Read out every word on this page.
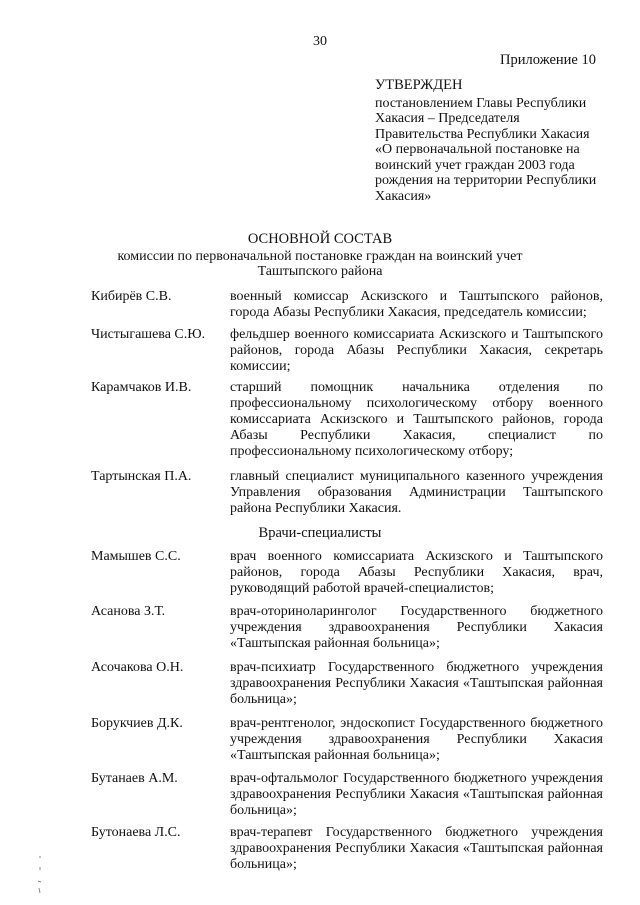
30
Приложение 10
УТВЕРЖДЕН
постановлением Главы Республики
Хакасия – Председателя
Правительства Республики Хакасия
«О первоначальной постановке на
воинский учет граждан 2003 года
рождения на территории Республики
Хакасия»
ОСНОВНОЙ СОСТАВ
комиссии по первоначальной постановке граждан на воинский учет
Таштыпского района
Кибирёв С.В.	военный комиссар Аскизского и Таштыпского районов, города Абазы Республики Хакасия, председатель комиссии;
Чистыгашева С.Ю. фельдшер военного комиссариата Аскизского и Таштыпского районов, города Абазы Республики Хакасия, секретарь комиссии;
Карамчаков И.В.	старший помощник начальника отделения по профессиональному психологическому отбору военного комиссариата Аскизского и Таштыпского районов, города Абазы Республики Хакасия, специалист по профессиональному психологическому отбору;
Тартынская П.А.	главный специалист муниципального казенного учреждения Управления образования Администрации Таштыпского района Республики Хакасия.
Врачи-специалисты
Мамышев С.С.	врач военного комиссариата Аскизского и Таштыпского районов, города Абазы Республики Хакасия, врач, руководящий работой врачей-специалистов;
Асанова З.Т.	врач-оториноларинголог Государственного бюджетного учреждения здравоохранения Республики Хакасия «Таштыпская районная больница»;
Асочакова О.Н.	врач-психиатр Государственного бюджетного учреждения здравоохранения Республики Хакасия «Таштыпская районная больница»;
Борукчиев Д.К.	врач-рентгенолог, эндоскопист Государственного бюджетного учреждения здравоохранения Республики Хакасия «Таштыпская районная больница»;
Бутанаев А.М.	врач-офтальмолог Государственного бюджетного учреждения здравоохранения Республики Хакасия «Таштыпская районная больница»;
Бутонаева Л.С.	врач-терапевт Государственного бюджетного учреждения здравоохранения Республики Хакасия «Таштыпская районная больница»;
